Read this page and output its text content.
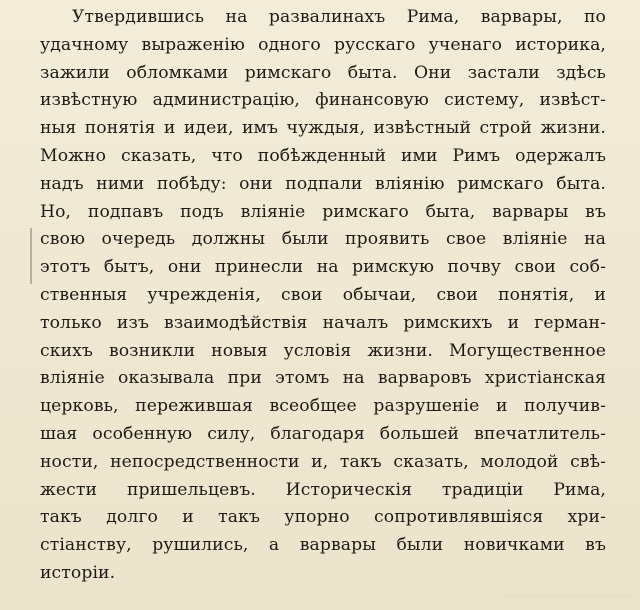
Утвердившись на развалинахъ Рима, варвары, по
удачному выраженію одного русскаго ученаго историка,
зажили обломками римскаго быта. Они застали здѣсь
извѣстную администрацію, финансовую систему, извѣст-
ныя понятія и идеи, имъ чуждыя, извѣстный строй жизни.
Можно сказать, что побѣжденный ими Римъ одержалъ
надъ ними побѣду: они подпали вліянію римскаго быта.
Но, подпавъ подъ вліяніе римскаго быта, варвары въ
свою очередь должны были проявить свое вліяніе на
этотъ бытъ, они принесли на римскую почву свои соб-
ственныя учрежденія, свои обычаи, свои понятія, и
только изъ взаимодѣйствія началъ римскихъ и герман-
скихъ возникли новыя условія жизни. Могущественное
вліяніе оказывала при этомъ на варваровъ христіанская
церковь, пережившая всеобщее разрушеніе и получив-
шая особенную силу, благодаря большей впечатлитель-
ности, непосредственности и, такъ сказать, молодой свѣ-
жести пришельцевъ. Историческія традиціи Рима,
такъ долго и такъ упорно сопротивлявшіяся хри-
стіанству, рушились, а варвары были новичками въ
исторіи.
